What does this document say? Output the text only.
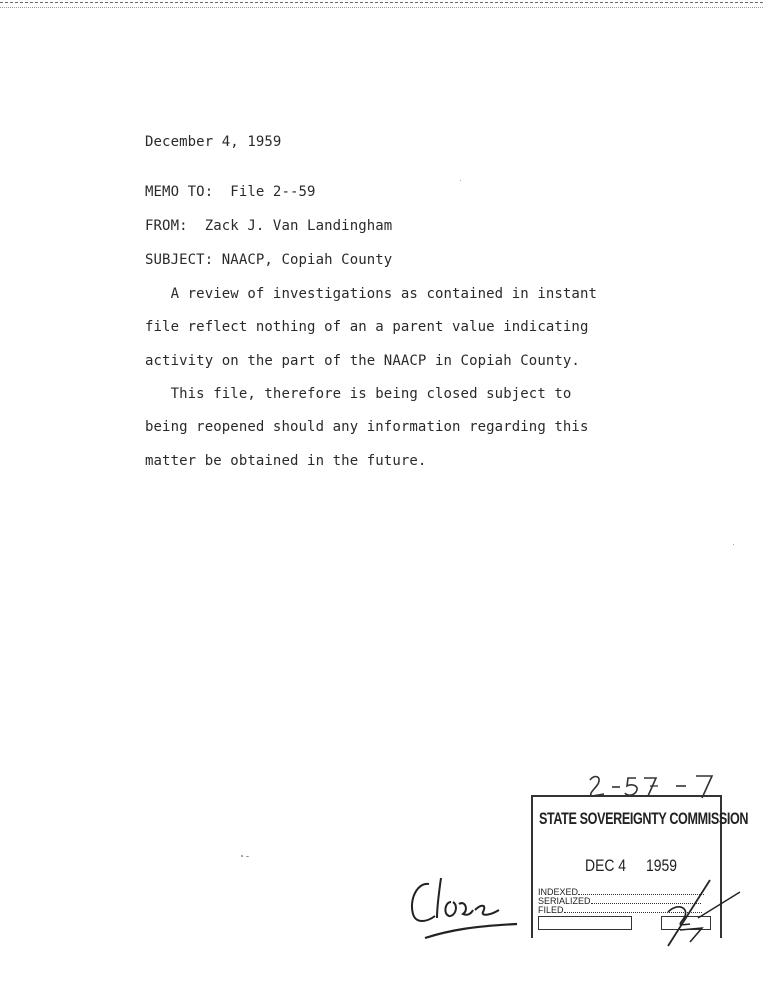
December 4, 1959
MEMO TO:  File 2--59
FROM:  Zack J. Van Landingham
SUBJECT: NAACP, Copiah County
A review of investigations as contained in instant
file reflect nothing of an a parent value indicating
activity on the part of the NAACP in Copiah County.
This file, therefore is being closed subject to
being reopened should any information regarding this
matter be obtained in the future.
STATE SOVEREIGNTY COMMISSION
DEC 4 1959
INDEXED
SERIALIZED
FILED
